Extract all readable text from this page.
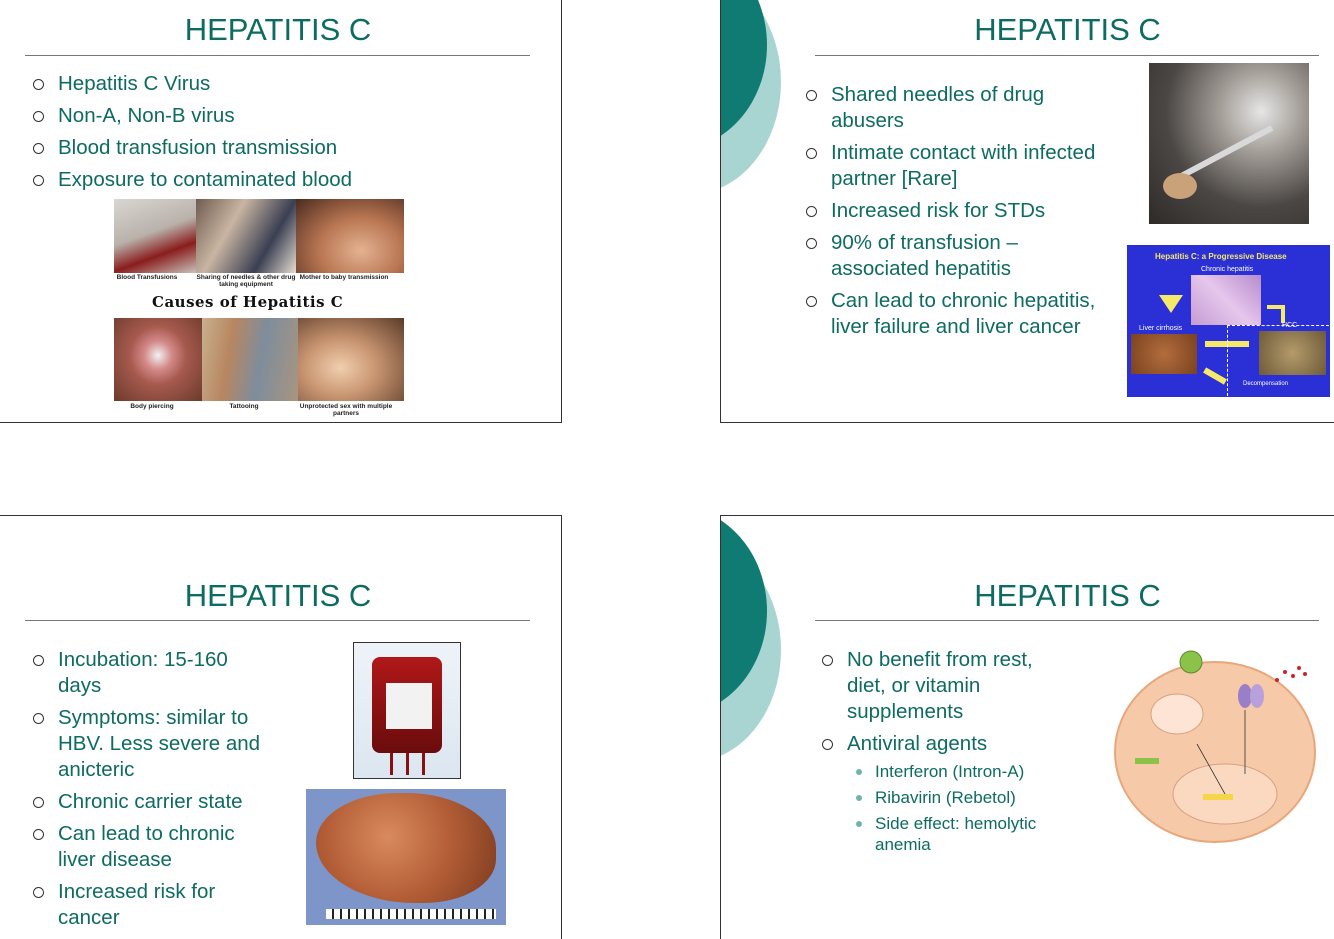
HEPATITIS C
Hepatitis C Virus
Non-A, Non-B virus
Blood transfusion transmission
Exposure to contaminated blood
Blood Transfusions	Sharing of needles & other drug taking equipment
Mother to baby transmission
Causes of Hepatitis C
Body piercing	Tattooing	Unprotected sex with multiple partners
HEPATITIS C
Shared needles of drug abusers
Intimate contact with infected partner [Rare]
Increased risk for STDs
90% of transfusion – associated hepatitis
Can lead to chronic hepatitis, liver failure and liver cancer
Hepatitis C: a Progressive Disease
Chronic hepatitis
Liver cirrhosis	HCC
Decompensation
HEPATITIS C
Incubation: 15-160 days
Symptoms: similar to HBV. Less severe and anicteric
Chronic carrier state
Can lead to chronic liver disease
Increased risk for cancer
HEPATITIS C
No benefit from rest, diet, or vitamin supplements
Antiviral agents
Interferon (Intron-A)
Ribavirin (Rebetol)
Side effect: hemolytic anemia
